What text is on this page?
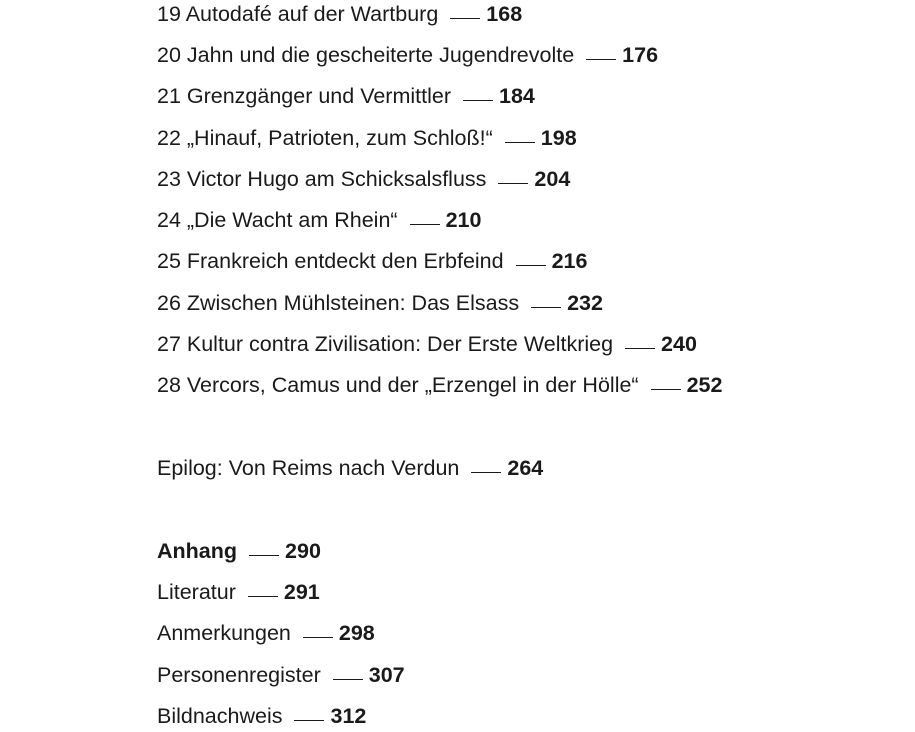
19 Autodafé auf der Wartburg 168
20 Jahn und die gescheiterte Jugendrevolte 176
21 Grenzgänger und Vermittler 184
22 „Hinauf, Patrioten, zum Schloß!“ 198
23 Victor Hugo am Schicksalsfluss 204
24 „Die Wacht am Rhein“ 210
25 Frankreich entdeckt den Erbfeind 216
26 Zwischen Mühlsteinen: Das Elsass 232
27 Kultur contra Zivilisation: Der Erste Weltkrieg 240
28 Vercors, Camus und der „Erzengel in der Hölle“ 252
Epilog: Von Reims nach Verdun 264
Anhang 290
Literatur 291
Anmerkungen 298
Personenregister 307
Bildnachweis 312
